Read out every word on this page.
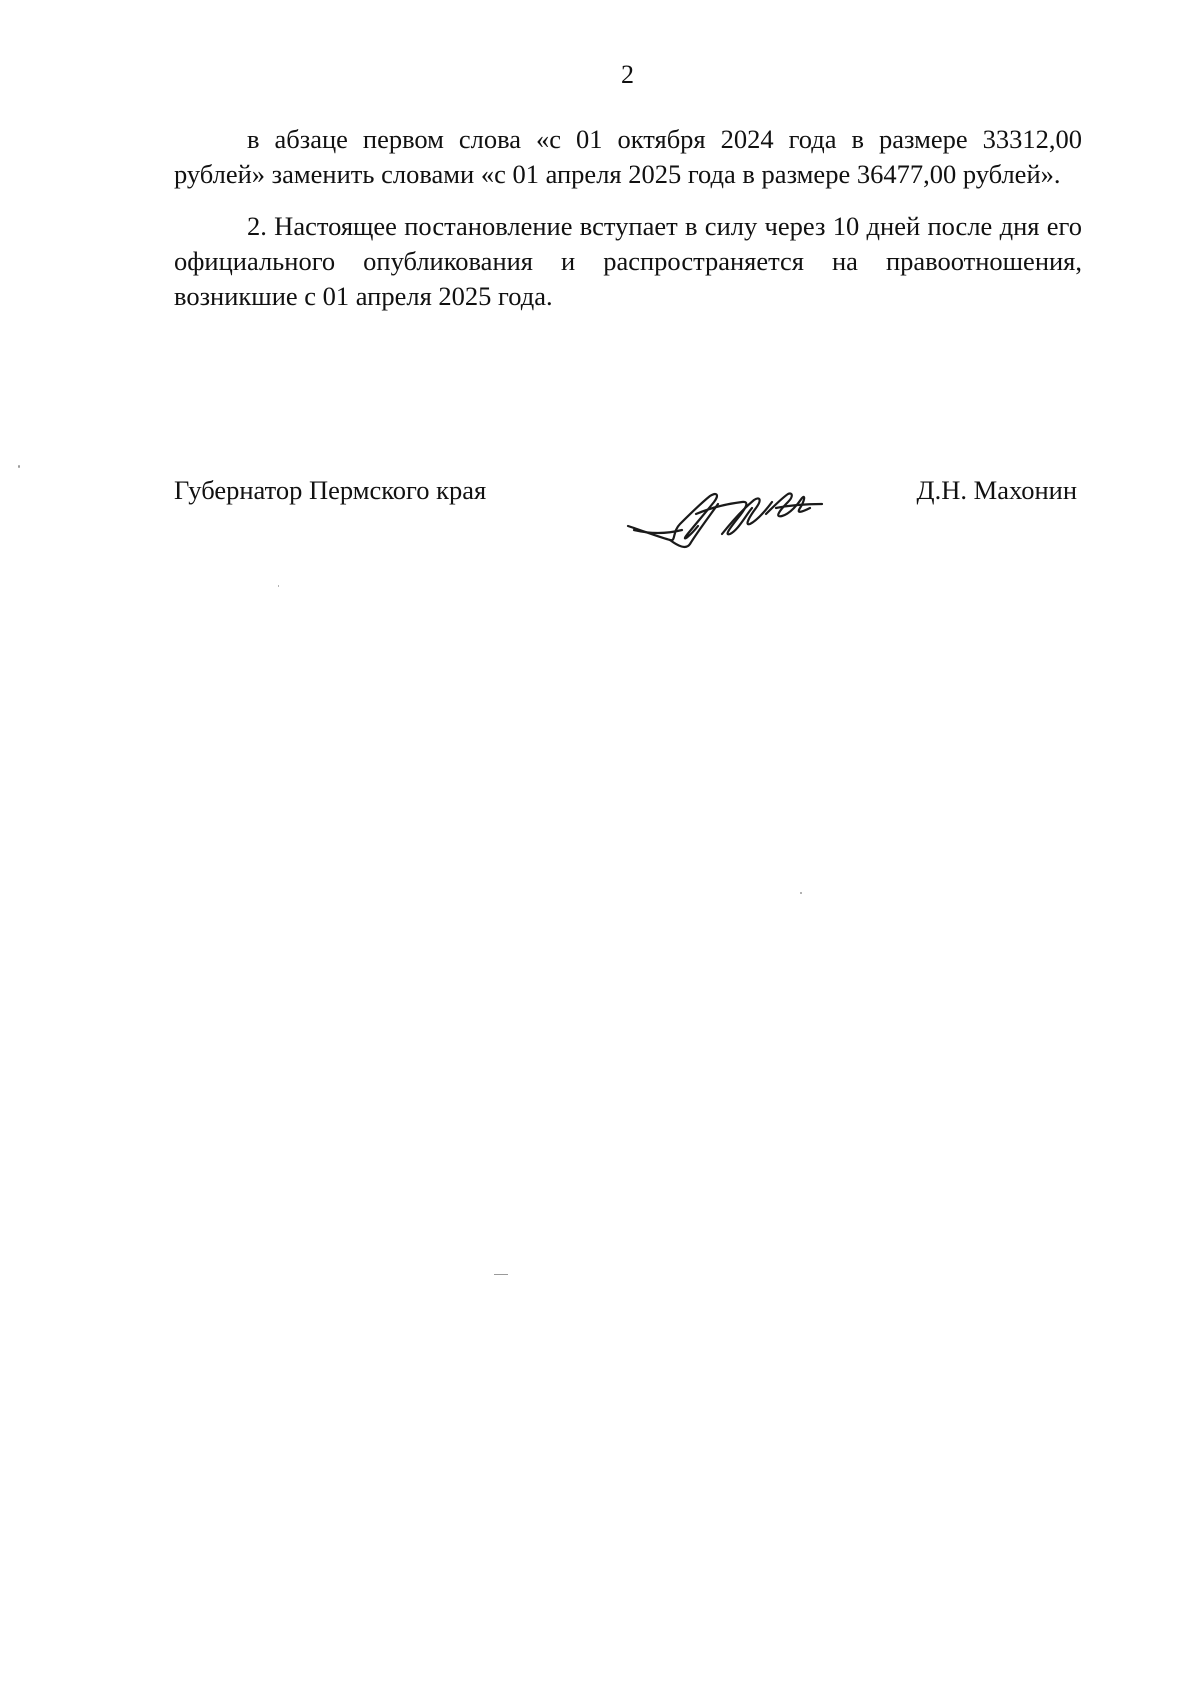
2

в абзаце первом слова «с 01 октября 2024 года в размере 33312,00 рублей» заменить словами «с 01 апреля 2025 года в размере 36477,00 рублей».

2. Настоящее постановление вступает в силу через 10 дней после дня его официального опубликования и распространяется на правоотношения, возникшие с 01 апреля 2025 года.

Губернатор Пермского края	Д.Н. Махонин
